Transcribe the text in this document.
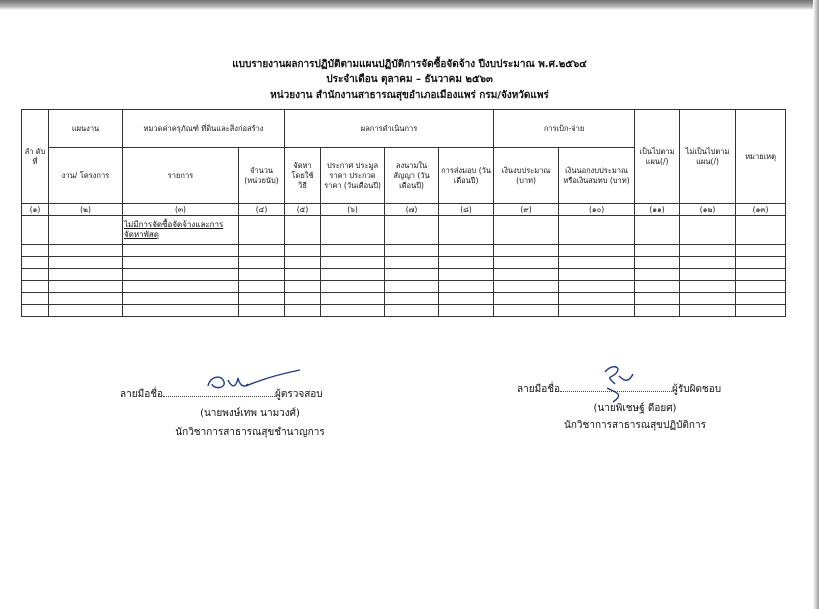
แบบรายงานผลการปฏิบัติตามแผนปฏิบัติการจัดซื้อจัดจ้าง ปีงบประมาณ พ.ศ.๒๕๖๔
ประจำเดือน ตุลาคม – ธันวาคม ๒๕๖๓
หน่วยงาน สำนักงานสาธารณสุขอำเภอเมืองแพร่ กรม/จังหวัดแพร่
ลำ ดับที่	แผนงาน	หมวดค่าครุภัณฑ์ ที่ดินและสิ่งก่อสร้าง		ผลการดำเนินการ				การเบิก-จ่าย		เป็นไปตาม แผน(/)	ไม่เป็นไปตาม แผน(/)	หมายเหตุ
	งาน/ โครงการ	รายการ	จำนวน (หน่วยนับ)	จัดหา โดยใช้ วิธี	ประกาศ ประมูลราคา ประกวดราคา (วันเดือนปี)	ลงนามใน สัญญา (วันเดือนปี)	การส่งมอบ (วันเดือนปี)	เงินงบประมาณ (บาท)	เงินนอกงบประมาณ หรือเงินสมทบ (บาท)			
(๑)	(๒)	(๓)	(๔)	(๕)	(๖)	(๗)	(๘)	(๙)	(๑๐)	(๑๑)	(๑๒)	(๑๓)
		ไม่มีการจัดซื้อจัดจ้างและการจัดหาพัสดุ										

ลายมือชื่อ	ผู้ตรวจสอบ
(นายพงษ์เทพ นามวงศ์)
นักวิชาการสาธารณสุขชำนาญการ
ลายมือชื่อ	ผู้รับผิดชอบ
(นายพิเชษฐ์ ดีอยศ)
นักวิชาการสาธารณสุขปฏิบัติการ
